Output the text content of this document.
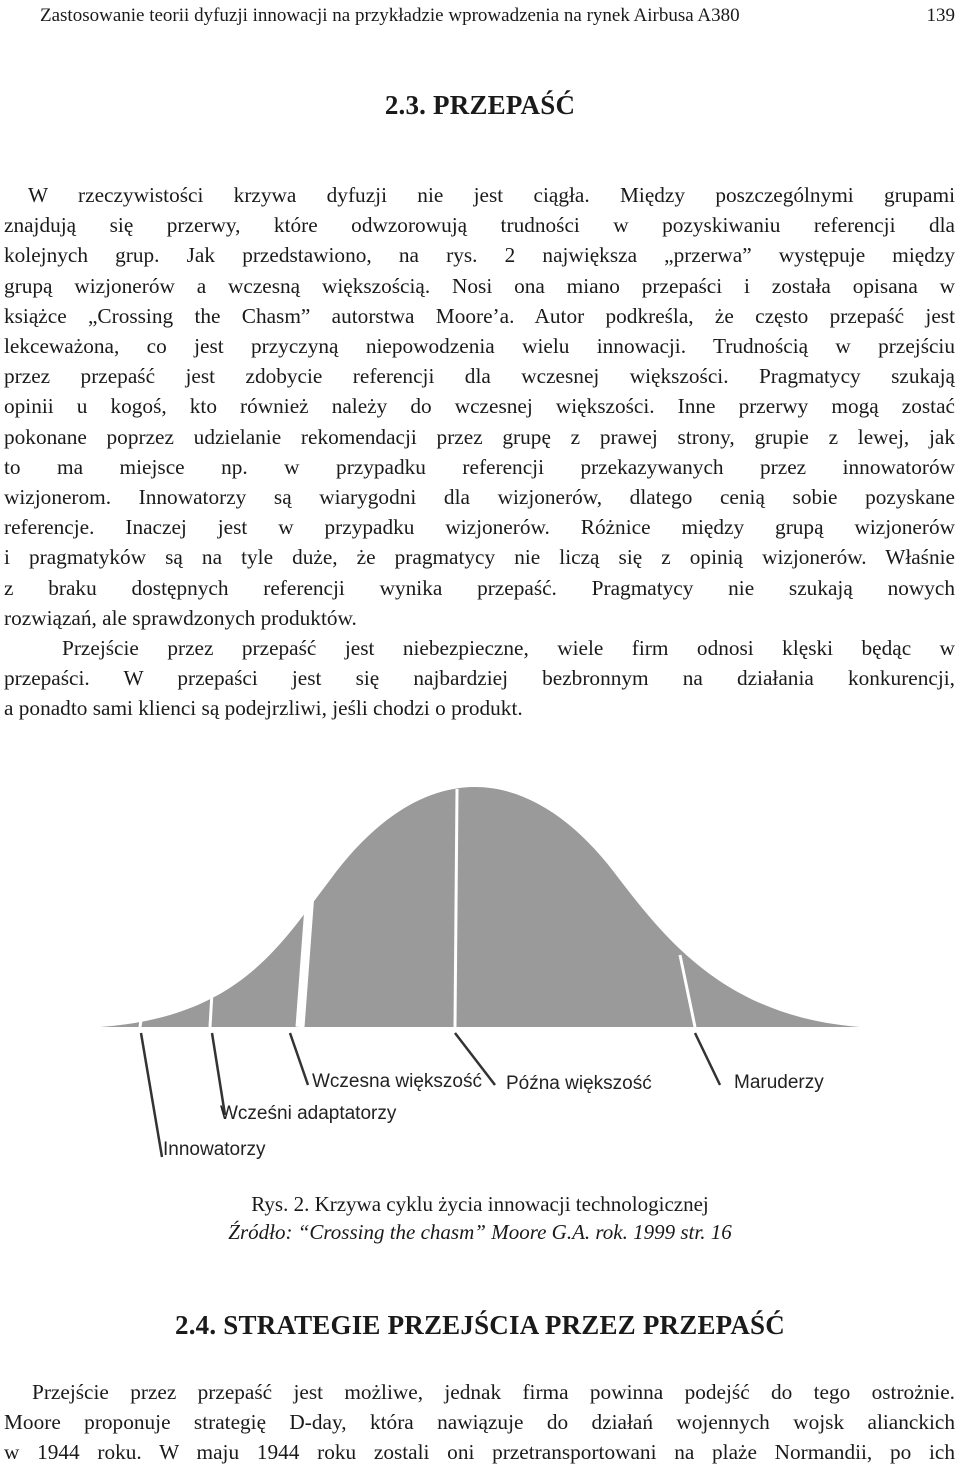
Zastosowanie teorii dyfuzji innowacji na przykładzie wprowadzenia na rynek Airbusa A380	139
2.3. PRZEPAŚĆ

W rzeczywistości krzywa dyfuzji nie jest ciągła. Między poszczególnymi grupami
znajdują się przerwy, które odwzorowują trudności w pozyskiwaniu referencji dla
kolejnych grup. Jak przedstawiono, na rys. 2 największa „przerwa” występuje między
grupą wizjonerów a wczesną większością. Nosi ona miano przepaści i została opisana w
książce „Crossing the Chasm” autorstwa Moore’a. Autor podkreśla, że często przepaść jest
lekceważona, co jest przyczyną niepowodzenia wielu innowacji. Trudnością w przejściu
przez przepaść jest zdobycie referencji dla wczesnej większości. Pragmatycy szukają
opinii u kogoś, kto również należy do wczesnej większości. Inne przerwy mogą zostać
pokonane poprzez udzielanie rekomendacji przez grupę z prawej strony, grupie z lewej, jak
to ma miejsce np. w przypadku referencji przekazywanych przez innowatorów
wizjonerom. Innowatorzy są wiarygodni dla wizjonerów, dlatego cenią sobie pozyskane
referencje. Inaczej jest w przypadku wizjonerów. Różnice między grupą wizjonerów
i pragmatyków są na tyle duże, że pragmatycy nie liczą się z opinią wizjonerów. Właśnie
z braku dostępnych referencji wynika przepaść. Pragmatycy nie szukają nowych
rozwiązań, ale sprawdzonych produktów.

Przejście przez przepaść jest niebezpieczne, wiele firm odnosi klęski będąc w
przepaści. W przepaści jest się najbardziej bezbronnym na działania konkurencji,
a ponadto sami klienci są podejrzliwi, jeśli chodzi o produkt.

Innowatorzy
Wcześni adaptatorzy
Wczesna większość Późna większość	Maruderzy
Rys. 2. Krzywa cyklu życia innowacji technologicznej
Źródło: “Crossing the chasm” Moore G.A. rok. 1999 str. 16
2.4. STRATEGIE PRZEJŚCIA PRZEZ PRZEPAŚĆ

Przejście przez przepaść jest możliwe, jednak firma powinna podejść do tego ostrożnie.
Moore proponuje strategię D-day, która nawiązuje do działań wojennych wojsk alianckich
w 1944 roku. W maju 1944 roku zostali oni przetransportowani na plaże Normandii, po ich
